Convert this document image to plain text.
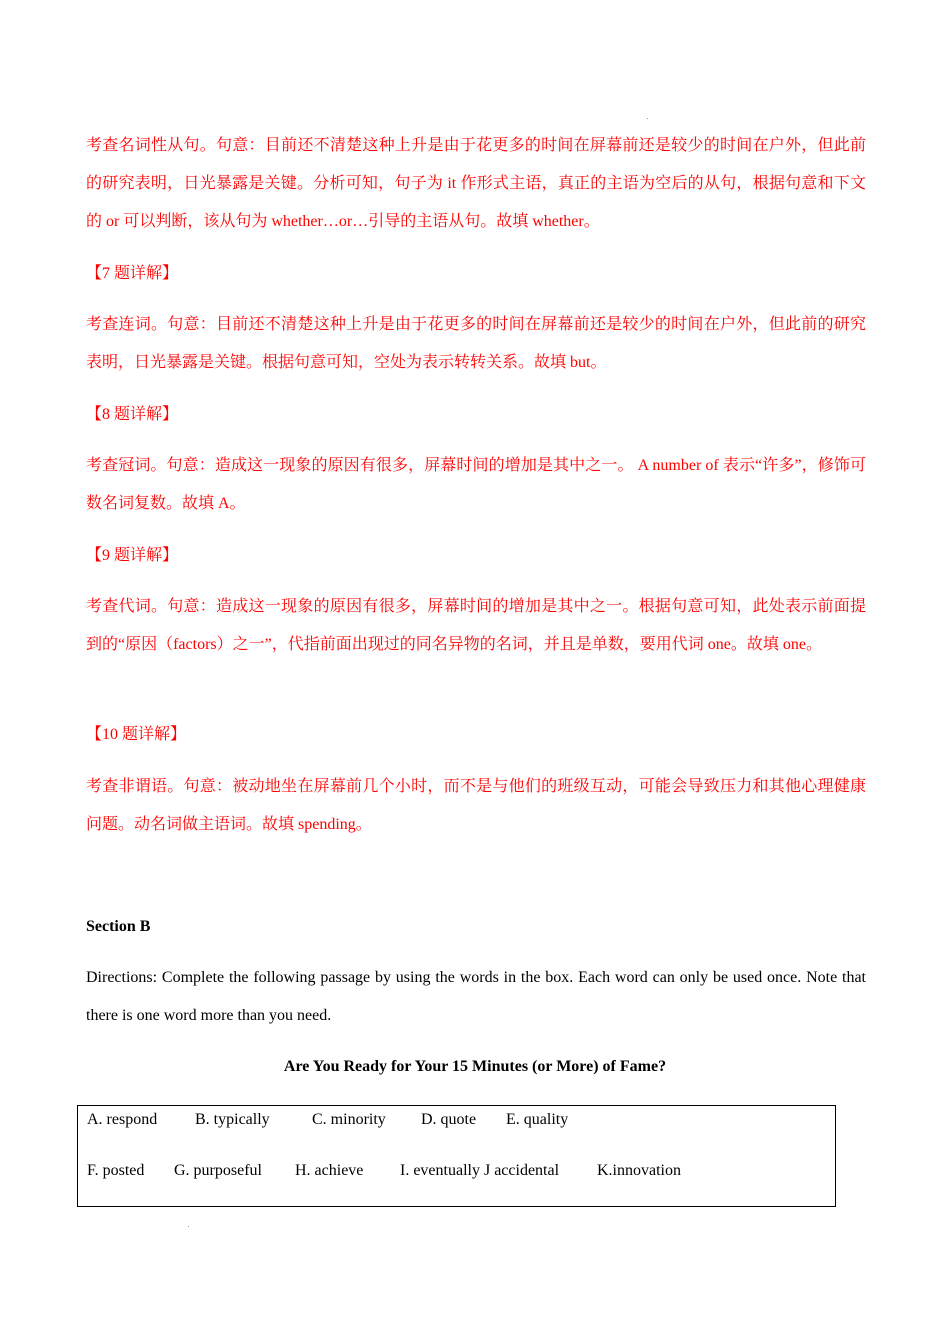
考查名词性从句。句意：目前还不清楚这种上升是由于花更多的时间在屏幕前还是较少的时间在户外，但此前的研究表明，日光暴露是关键。分析可知，句子为 it 作形式主语，真正的主语为空后的从句，根据句意和下文的 or 可以判断，该从句为 whether…or…引导的主语从句。故填 whether。

【7 题详解】

考查连词。句意：目前还不清楚这种上升是由于花更多的时间在屏幕前还是较少的时间在户外，但此前的研究表明，日光暴露是关键。根据句意可知，空处为表示转转关系。故填 but。

【8 题详解】

考查冠词。句意：造成这一现象的原因有很多，屏幕时间的增加是其中之一。 A number of 表示“许多”，修饰可数名词复数。故填 A。

【9 题详解】

考查代词。句意：造成这一现象的原因有很多，屏幕时间的增加是其中之一。根据句意可知，此处表示前面提到的“原因（factors）之一”，代指前面出现过的同名异物的名词，并且是单数，要用代词 one。故填 one。

【10 题详解】

考查非谓语。句意：被动地坐在屏幕前几个小时，而不是与他们的班级互动，可能会导致压力和其他心理健康问题。动名词做主语词。故填 spending。

Section B

Directions: Complete the following passage by using the words in the box. Each word can only be used once. Note that there is one word more than you need.

Are You Ready for Your 15 Minutes (or More) of Fame?

A. respond B. typically	C. minority D. quote E. quality
F. posted G. purposeful H. achieve I. eventually J accidental K.innovation
